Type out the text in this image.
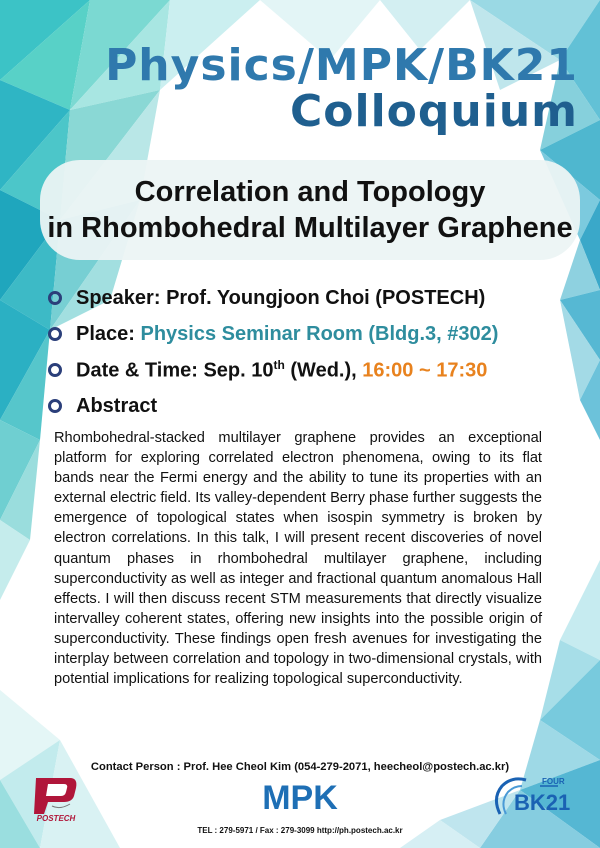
Physics/MPK/BK21
Colloquium
Correlation and Topology
in Rhombohedral Multilayer Graphene
Speaker: Prof. Youngjoon Choi (POSTECH)
Place: Physics Seminar Room (Bldg.3, #302)
Date & Time: Sep. 10th (Wed.), 16:00 ~ 17:30
Abstract

Rhombohedral-stacked multilayer graphene provides an exceptional platform for exploring correlated electron phenomena, owing to its flat bands near the Fermi energy and the ability to tune its properties with an external electric field. Its valley-dependent Berry phase further suggests the emergence of topological states when isospin symmetry is broken by electron correlations. In this talk, I will present recent discoveries of novel quantum phases in rhombohedral multilayer graphene, including superconductivity as well as integer and fractional quantum anomalous Hall effects. I will then discuss recent STM measurements that directly visualize intervalley coherent states, offering new insights into the possible origin of superconductivity. These findings open fresh avenues for investigating the interplay between correlation and topology in two-dimensional crystals, with potential implications for realizing topological superconductivity.

Contact Person : Prof. Hee Cheol Kim (054-279-2071, heecheol@postech.ac.kr)
POSTECH
MPK	FOUR
BK21
TEL : 279-5971 / Fax : 279-3099 http://ph.postech.ac.kr
